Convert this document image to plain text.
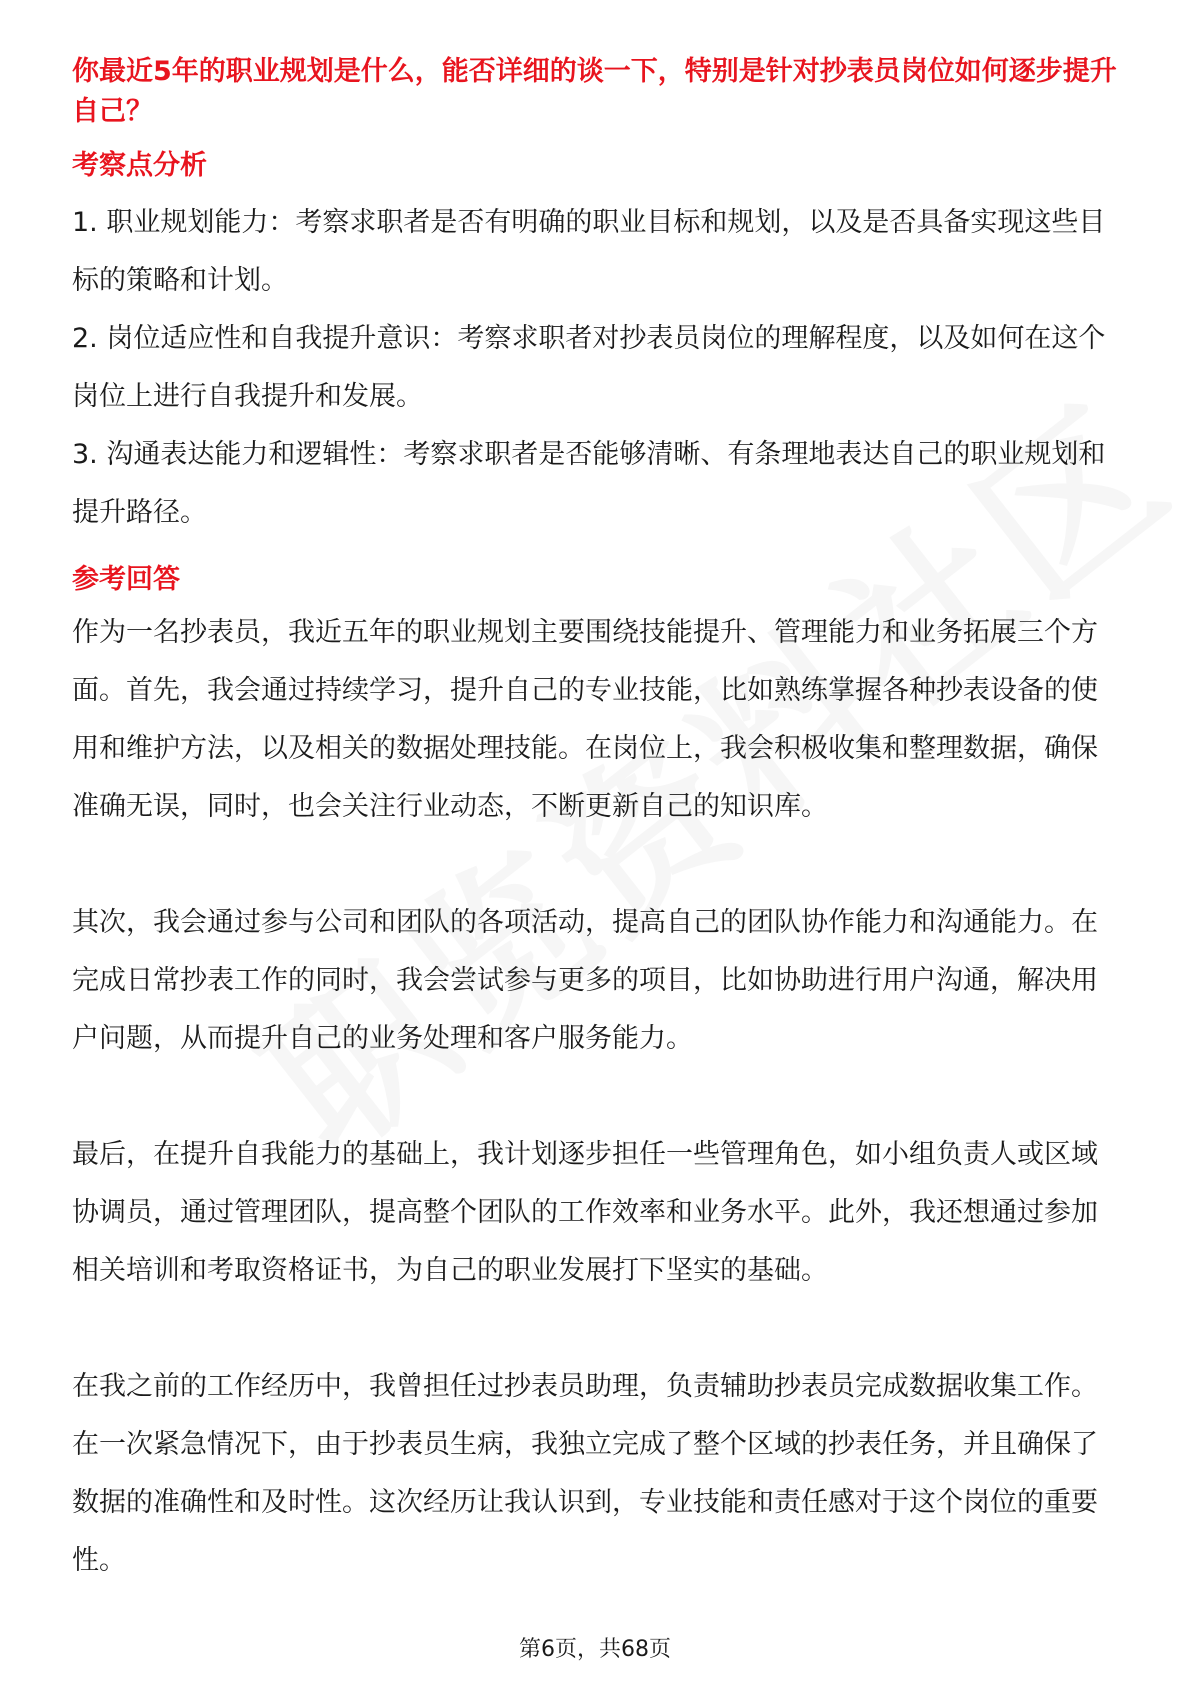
你最近5年的职业规划是什么，能否详细的谈一下，特别是针对抄表员岗位如何逐步提升自己？

考察点分析

1. 职业规划能力：考察求职者是否有明确的职业目标和规划，以及是否具备实现这些目标的策略和计划。

2. 岗位适应性和自我提升意识：考察求职者对抄表员岗位的理解程度，以及如何在这个岗位上进行自我提升和发展。

3. 沟通表达能力和逻辑性：考察求职者是否能够清晰、有条理地表达自己的职业规划和提升路径。

参考回答

作为一名抄表员，我近五年的职业规划主要围绕技能提升、管理能力和业务拓展三个方面。首先，我会通过持续学习，提升自己的专业技能，比如熟练掌握各种抄表设备的使用和维护方法，以及相关的数据处理技能。在岗位上，我会积极收集和整理数据，确保准确无误，同时，也会关注行业动态，不断更新自己的知识库。

其次，我会通过参与公司和团队的各项活动，提高自己的团队协作能力和沟通能力。在完成日常抄表工作的同时，我会尝试参与更多的项目，比如协助进行用户沟通，解决用户问题，从而提升自己的业务处理和客户服务能力。

最后，在提升自我能力的基础上，我计划逐步担任一些管理角色，如小组负责人或区域协调员，通过管理团队，提高整个团队的工作效率和业务水平。此外，我还想通过参加相关培训和考取资格证书，为自己的职业发展打下坚实的基础。

在我之前的工作经历中，我曾担任过抄表员助理，负责辅助抄表员完成数据收集工作。在一次紧急情况下，由于抄表员生病，我独立完成了整个区域的抄表任务，并且确保了数据的准确性和及时性。这次经历让我认识到，专业技能和责任感对于这个岗位的重要性。

第6页，共68页
